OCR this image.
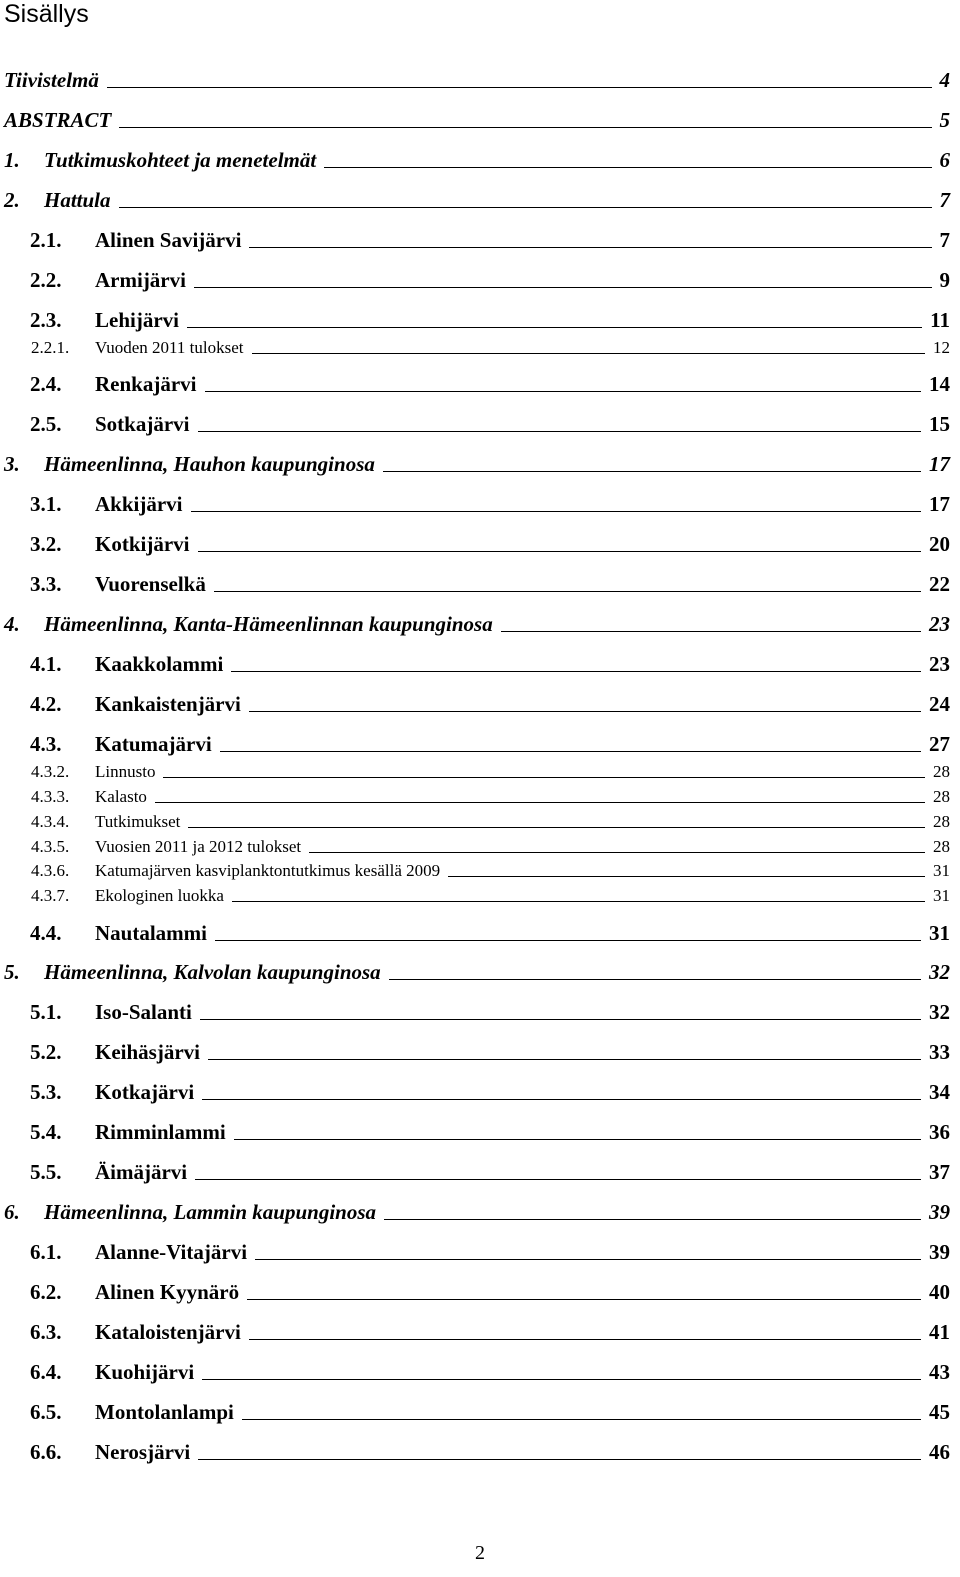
Sisällys
Tiivistelmä	4
ABSTRACT	5
1.	Tutkimuskohteet ja menetelmät	6
2.	Hattula	7
2.1.	Alinen Savijärvi	7
2.2.	Armijärvi	9
2.3.	Lehijärvi	11
2.2.1.	Vuoden 2011 tulokset	12
2.4.	Renkajärvi	14
2.5.	Sotkajärvi	15
3.	Hämeenlinna, Hauhon kaupunginosa	17
3.1.	Akkijärvi	17
3.2.	Kotkijärvi	20
3.3.	Vuorenselkä	22
4.	Hämeenlinna, Kanta-Hämeenlinnan kaupunginosa	23
4.1.	Kaakkolammi	23
4.2.	Kankaistenjärvi	24
4.3.	Katumajärvi	27
4.3.2.	Linnusto	28
4.3.3.	Kalasto	28
4.3.4.	Tutkimukset	28
4.3.5.	Vuosien 2011 ja 2012 tulokset	28
4.3.6.	Katumajärven kasviplanktontutkimus kesällä 2009	31
4.3.7.	Ekologinen luokka	31
4.4.	Nautalammi	31
5.	Hämeenlinna, Kalvolan kaupunginosa	32
5.1.	Iso-Salanti	32
5.2.	Keihäsjärvi	33
5.3.	Kotkajärvi	34
5.4.	Rimminlammi	36
5.5.	Äimäjärvi	37
6.	Hämeenlinna, Lammin kaupunginosa	39
6.1.	Alanne-Vitajärvi	39
6.2.	Alinen Kyynärö	40
6.3.	Kataloistenjärvi	41
6.4.	Kuohijärvi	43
6.5.	Montolanlampi	45
6.6.	Nerosjärvi	46
2
